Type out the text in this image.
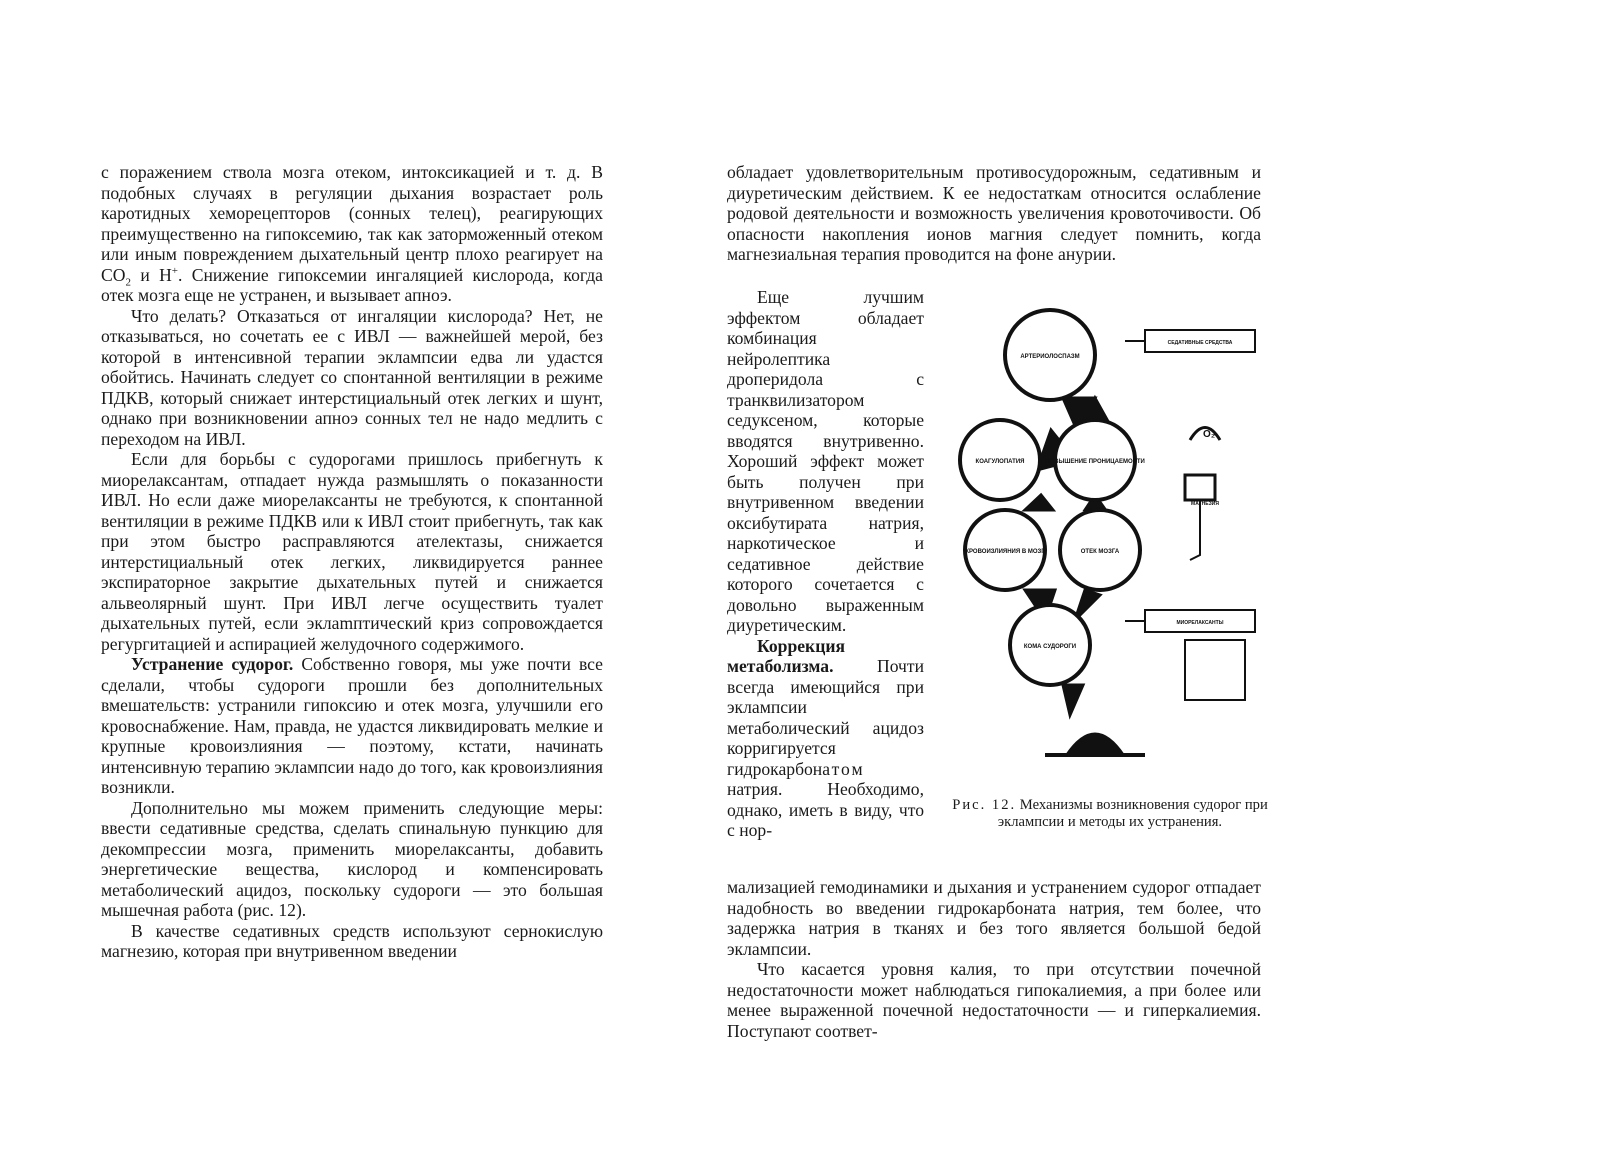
с поражением ствола мозга отеком, интоксикацией и т. д. В подобных случаях в регуляции дыхания возрастает роль каротидных хеморецепторов (сонных телец), реагирующих преимущественно на гипоксемию, так как заторможенный отеком или иным повреждением дыхательный центр плохо реагирует на $CO_2$ и H+. Снижение гипоксемии ингаляцией кислорода, когда отек мозга еще не устранен, и вызывает апноэ.

Что делать? Отказаться от ингаляции кислорода? Нет, не отказываться, но сочетать ее с ИВЛ — важнейшей мерой, без которой в интенсивной терапии эклампсии едва ли удастся обойтись. Начинать следует со спонтанной вентиляции в режиме ПДКВ, который снижает интерстициальный отек легких и шунт, однако при возникновении апноэ сонных тел не надо медлить с переходом на ИВЛ.

Если для борьбы с судорогами пришлось прибегнуть к миорелаксантам, отпадает нужда размышлять о показанности ИВЛ. Но если даже миорелаксанты не требуются, к спонтанной вентиляции в режиме ПДКВ или к ИВЛ стоит прибегнуть, так как при этом быстро расправляются ателектазы, снижается интерстициальный отек легких, ликвидируется раннее экспираторное закрытие дыхательных путей и снижается альвеолярный шунт. При ИВЛ легче осуществить туалет дыхательных путей, если эклamптический криз сопровождается регургитацией и аспирацией желудочного содержимого.

Устранение судорог. Собственно говоря, мы уже почти все сделали, чтобы судороги прошли без дополнительных вмешательств: устранили гипоксию и отек мозга, улучшили его кровоснабжение. Нам, правда, не удастся ликвидировать мелкие и крупные кровоизлияния — поэтому, кстати, начинать интенсивную терапию эклампсии надо до того, как кровоизлияния возникли.

Дополнительно мы можем применить следующие меры: ввести седативные средства, сделать спинальную пункцию для декомпрессии мозга, применить миорелаксанты, добавить энергетические вещества, кислород и компенсировать метаболический ацидоз, поскольку судороги — это большая мышечная работа (рис. 12).

В качестве седативных средств используют сернокислую магнезию, которая при внутривенном введении

обладает удовлетворительным противосудорожным, седативным и диуретическим действием. К ее недостаткам относится ослабление родовой деятельности и возможность увеличения кровоточивости. Об опасности накопления ионов магния следует помнить, когда магнезиальная терапия проводится на фоне анурии.

Еще лучшим эффектом обладает комбинация нейролептика дроперидола с транквилизатором седуксеном, которые вводятся внутривенно. Хороший эффект может быть получен при внутривенном введении оксибутирата натрия, наркотическое и седативное действие которого сочетается с довольно выраженным диуретическим.

Коррекция метаболизма. Почти всегда имеющийся при эклампсии метаболический ацидоз корригируется гидрокарбонатом натрия. Необходимо, однако, иметь в виду, что с нор-

мализацией гемодинамики и дыхания и устранением судорог отпадает надобность во введении гидрокарбоната натрия, тем более, что задержка натрия в тканях и без того является большой бедой эклампсии.

Что касается уровня калия, то при отсутствии почечной недостаточности может наблюдаться гипокалиемия, а при более или менее выраженной почечной недостаточности — и гиперкалиемия. Поступают соответ-

АРТЕРИОЛОСПАЗМ
КОАГУЛОПАТИЯ	ПОВЫШЕНИЕ ПРОНИЦАЕМОСТИ
КРОВОИЗЛИЯНИЯ В МОЗГ	ОТЕК МОЗГА
КОМА СУДОРОГИ
СЕДАТИВНЫЕ СРЕДСТВА
МИОРЕЛАКСАНТЫ
МАГНЕЗИЯ
O₂
Рис. 12. Механизмы возникновения судорог при эклампсии и методы их устранения.
